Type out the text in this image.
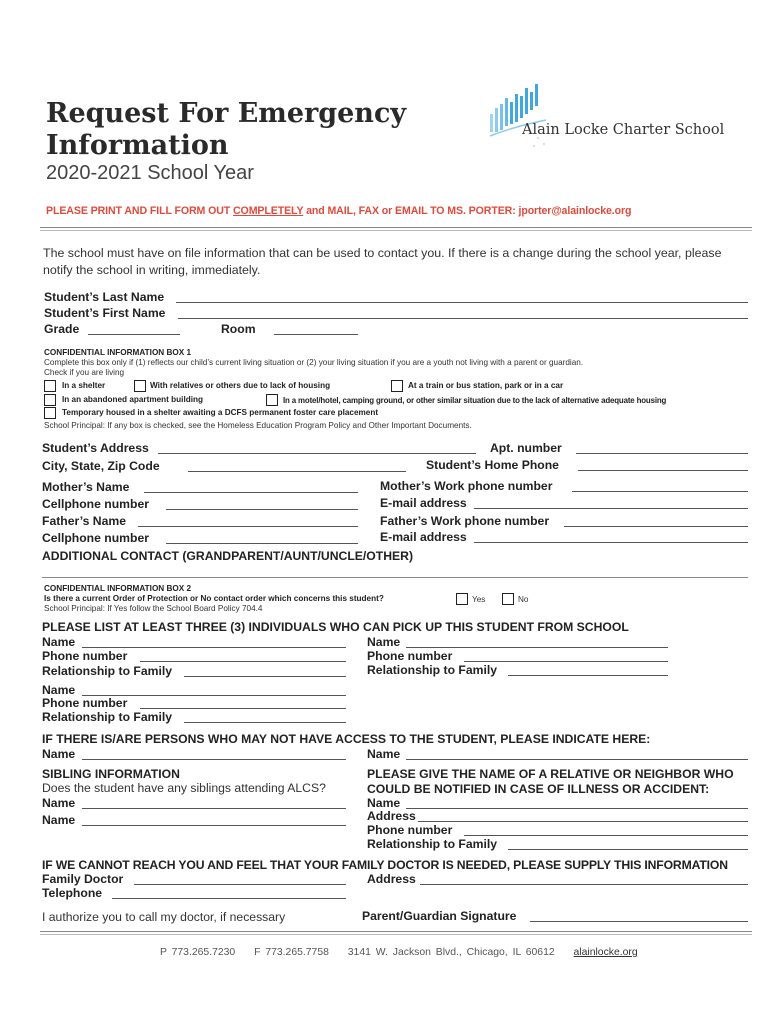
Request For Emergency
Information
2020-2021 School Year
Alain Locke Charter School
PLEASE PRINT AND FILL FORM OUT COMPLETELY and MAIL, FAX or EMAIL TO MS. PORTER: jporter@alainlocke.org
The school must have on file information that can be used to contact you. If there is a change during the school year, please notify the school in writing, immediately.
Student’s Last Name
Student’s First Name
Grade	Room
CONFIDENTIAL INFORMATION BOX 1
Complete this box only if (1) reflects our child’s current living situation or (2) your living situation if you are a youth not living with a parent or guardian.
Check if you are living
In a shelter	With relatives or others due to lack of housing	At a train or bus station, park or in a car
In an abandoned apartment building	In a motel/hotel, camping ground, or other similar situation due to the lack of alternative adequate housing
Temporary housed in a shelter awaiting a DCFS permanent foster care placement
School Principal: If any box is checked, see the Homeless Education Program Policy and Other Important Documents.
Student’s Address	Apt. number
City, State, Zip Code	Student’s Home Phone
Mother’s Name	Mother’s Work phone number
Cellphone number	E-mail address
Father’s Name	Father’s Work phone number
Cellphone number	E-mail address
ADDITIONAL CONTACT (GRANDPARENT/AUNT/UNCLE/OTHER)
CONFIDENTIAL INFORMATION BOX 2
Is there a current Order of Protection or No contact order which concerns this student?	Yes	No
School Principal: If Yes follow the School Board Policy 704.4
PLEASE LIST AT LEAST THREE (3) INDIVIDUALS WHO CAN PICK UP THIS STUDENT FROM SCHOOL
Name
Phone number
Relationship to Family
Name
Phone number
Relationship to Family
Name
Phone number
Relationship to Family
IF THERE IS/ARE PERSONS WHO MAY NOT HAVE ACCESS TO THE STUDENT, PLEASE INDICATE HERE:
Name	Name
SIBLING INFORMATION
Does the student have any siblings attending ALCS?
Name
Name
PLEASE GIVE THE NAME OF A RELATIVE OR NEIGHBOR WHO
COULD BE NOTIFIED IN CASE OF ILLNESS OR ACCIDENT:
Name
Address
Phone number
Relationship to Family
IF WE CANNOT REACH YOU AND FEEL THAT YOUR FAMILY DOCTOR IS NEEDED, PLEASE SUPPLY THIS INFORMATION
Family Doctor	Address
Telephone
I authorize you to call my doctor, if necessary	Parent/Guardian Signature
P 773.265.7230 F 773.265.7758 3141 W. Jackson Blvd., Chicago, IL 60612 alainlocke.org
